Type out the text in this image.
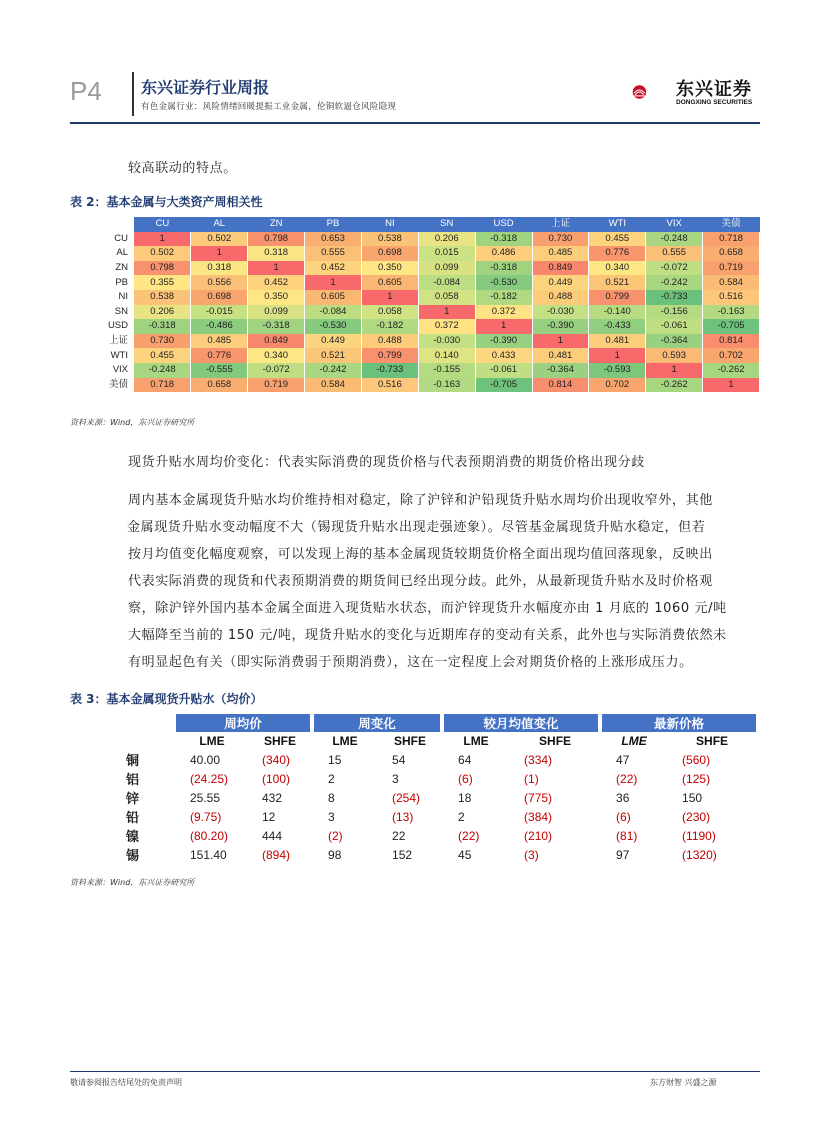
P4 东兴证券行业周报
有色金属行业：风险情绪回暖提振工业金属，伦铜软逼仓风险隐现
东兴证券
DONGXING SECURITIES
较高联动的特点。
表 2：基本金属与大类资产周相关性
	CU	AL	ZN	PB	NI	SN	USD	上证	WTI	VIX	美债
CU	1	0.502	0.798	0.653	0.538	0.206	-0.318	0.730	0.455	-0.248	0.718
AL	0.502	1	0.318	0.555	0.698	0.015	0.486	0.485	0.776	0.555	0.658
ZN	0.798	0.318	1	0.452	0.350	0.099	-0.318	0.849	0.340	-0.072	0.719
PB	0.355	0.556	0.452	1	0.605	-0.084	-0.530	0.449	0.521	-0.242	0.584
NI	0.538	0.698	0.350	0.605	1	0.058	-0.182	0.488	0.799	-0.733	0.516
SN	0.206	-0.015	0.099	-0.084	0.058	1	0.372	-0.030	-0.140	-0.156	-0.163
USD	-0.318	-0.486	-0.318	-0.530	-0.182	0.372	1	-0.390	-0.433	-0.061	-0.705
上证	0.730	0.485	0.849	0.449	0.488	-0.030	-0.390	1	0.481	-0.364	0.814
WTI	0.455	0.776	0.340	0.521	0.799	0.140	0.433	0.481	1	0.593	0.702
VIX	-0.248	-0.555	-0.072	-0.242	-0.733	-0.155	-0.061	-0.364	-0.593	1	-0.262
美债	0.718	0.658	0.719	0.584	0.516	-0.163	-0.705	0.814	0.702	-0.262	1
资料来源：Wind，东兴证券研究所
现货升贴水周均价变化：代表实际消费的现货价格与代表预期消费的期货价格出现分歧
周内基本金属现货升贴水均价维持相对稳定，除了沪锌和沪铅现货升贴水周均价出现收窄外，其他
金属现货升贴水变动幅度不大（锡现货升贴水出现走强迹象）。尽管基金属现货升贴水稳定，但若
按月均值变化幅度观察，可以发现上海的基本金属现货较期货价格全面出现均值回落现象，反映出
代表实际消费的现货和代表预期消费的期货间已经出现分歧。此外，从最新现货升贴水及时价格观
察，除沪锌外国内基本金属全面进入现货贴水状态，而沪锌现货升水幅度亦由 1 月底的 1060 元/吨
大幅降至当前的 150 元/吨，现货升贴水的变化与近期库存的变动有关系，此外也与实际消费依然未
有明显起色有关（即实际消费弱于预期消费），这在一定程度上会对期货价格的上涨形成压力。
表 3：基本金属现货升贴水（均价）
	周均价		周变化		较月均值变化		最新价格	
	LME	SHFE	LME	SHFE	LME	SHFE	LME	SHFE
铜	40.00	(340)	15	54	64	(334)	47	(560)
铝	(24.25)	(100)	2	3	(6)	(1)	(22)	(125)
锌	25.55	432	8	(254)	18	(775)	36	150
铅	(9.75)	12	3	(13)	2	(384)	(6)	(230)
镍	(80.20)	444	(2)	22	(22)	(210)	(81)	(1190)
锡	151.40	(894)	98	152	45	(3)	97	(1320)
资料来源：Wind，东兴证券研究所
敬请参阅报告结尾处的免责声明	东方财智 兴盛之源
